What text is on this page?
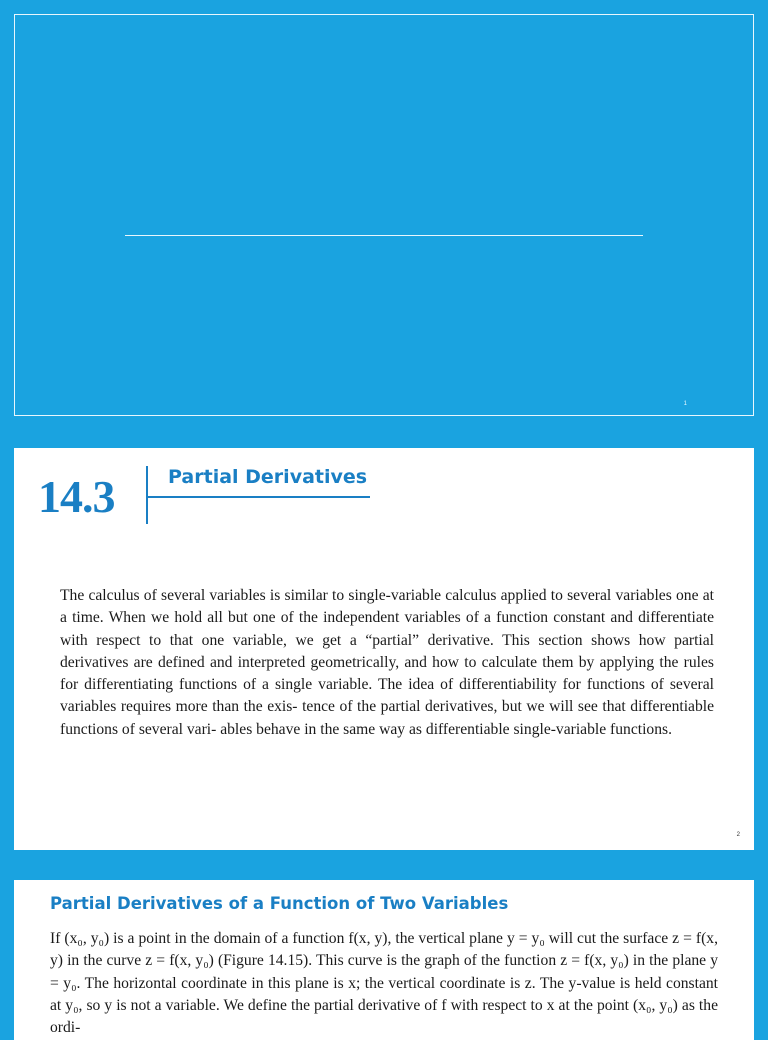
1
14.3	Partial Derivatives

The calculus of several variables is similar to single-variable calculus applied to several variables one at a time. When we hold all but one of the independent variables of a function constant and differentiate with respect to that one variable, we get a “partial” derivative. This section shows how partial derivatives are defined and interpreted geometrically, and how to calculate them by applying the rules for differentiating functions of a single variable. The idea of differentiability for functions of several variables requires more than the exis- tence of the partial derivatives, but we will see that differentiable functions of several vari- ables behave in the same way as differentiable single-variable functions.

2
Partial Derivatives of a Function of Two Variables

If (x₀, y₀) is a point in the domain of a function f(x, y), the vertical plane y = y₀ will cut the surface z = f(x, y) in the curve z = f(x, y₀) (Figure 14.15). This curve is the graph of the function z = f(x, y₀) in the plane y = y₀. The horizontal coordinate in this plane is x; the vertical coordinate is z. The y-value is held constant at y₀, so y is not a variable. We define the partial derivative of f with respect to x at the point (x₀, y₀) as the ordi-
